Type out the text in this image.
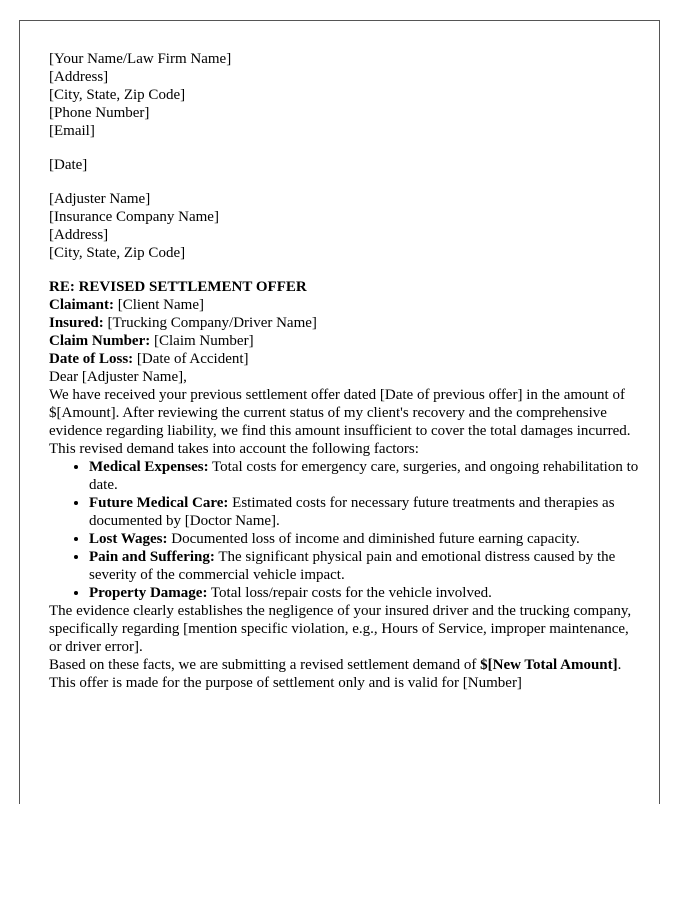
[Your Name/Law Firm Name]
[Address]
[City, State, Zip Code]
[Phone Number]
[Email]
[Date]
[Adjuster Name]
[Insurance Company Name]
[Address]
[City, State, Zip Code]
RE: REVISED SETTLEMENT OFFER
Claimant: [Client Name]
Insured: [Trucking Company/Driver Name]
Claim Number: [Claim Number]
Date of Loss: [Date of Accident]

Dear [Adjuster Name],

We have received your previous settlement offer dated [Date of previous offer] in the amount of $[Amount]. After reviewing the current status of my client's recovery and the comprehensive evidence regarding liability, we find this amount insufficient to cover the total damages incurred.

This revised demand takes into account the following factors:

• Medical Expenses: Total costs for emergency care, surgeries, and ongoing rehabilitation to date.
• Future Medical Care: Estimated costs for necessary future treatments and therapies as documented by [Doctor Name].
• Lost Wages: Documented loss of income and diminished future earning capacity.
• Pain and Suffering: The significant physical pain and emotional distress caused by the severity of the commercial vehicle impact.
• Property Damage: Total loss/repair costs for the vehicle involved.

The evidence clearly establishes the negligence of your insured driver and the trucking company, specifically regarding [mention specific violation, e.g., Hours of Service, improper maintenance, or driver error].

Based on these facts, we are submitting a revised settlement demand of $[New Total Amount]. This offer is made for the purpose of settlement only and is valid for [Number]
